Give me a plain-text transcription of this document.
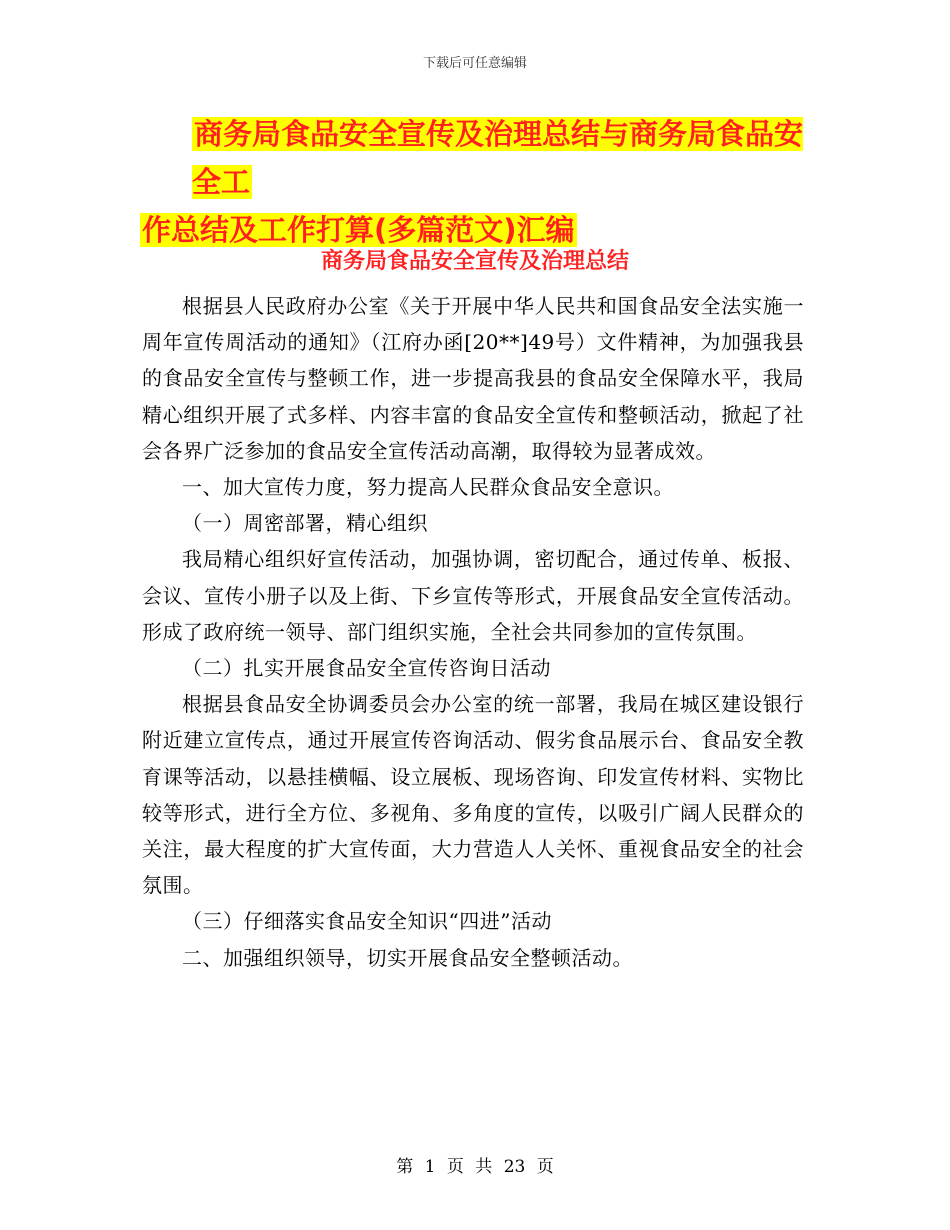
下载后可任意编辑
商务局食品安全宣传及治理总结与商务局食品安全工
作总结及工作打算(多篇范文)汇编
商务局食品安全宣传及治理总结

根据县人民政府办公室《关于开展中华人民共和国食品安全法实施一周年宣传周活动的通知》（江府办函[20**]49号）文件精神，为加强我县的食品安全宣传与整顿工作，进一步提高我县的食品安全保障水平，我局精心组织开展了式多样、内容丰富的食品安全宣传和整顿活动，掀起了社会各界广泛参加的食品安全宣传活动高潮，取得较为显著成效。

一、加大宣传力度，努力提高人民群众食品安全意识。

（一）周密部署，精心组织

我局精心组织好宣传活动，加强协调，密切配合，通过传单、板报、会议、宣传小册子以及上街、下乡宣传等形式，开展食品安全宣传活动。形成了政府统一领导、部门组织实施，全社会共同参加的宣传氛围。

（二）扎实开展食品安全宣传咨询日活动

根据县食品安全协调委员会办公室的统一部署，我局在城区建设银行附近建立宣传点，通过开展宣传咨询活动、假劣食品展示台、食品安全教育课等活动，以悬挂横幅、设立展板、现场咨询、印发宣传材料、实物比较等形式，进行全方位、多视角、多角度的宣传，以吸引广阔人民群众的关注，最大程度的扩大宣传面，大力营造人人关怀、重视食品安全的社会氛围。

（三）仔细落实食品安全知识“四进”活动

二、加强组织领导，切实开展食品安全整顿活动。

第 1 页 共 23 页
